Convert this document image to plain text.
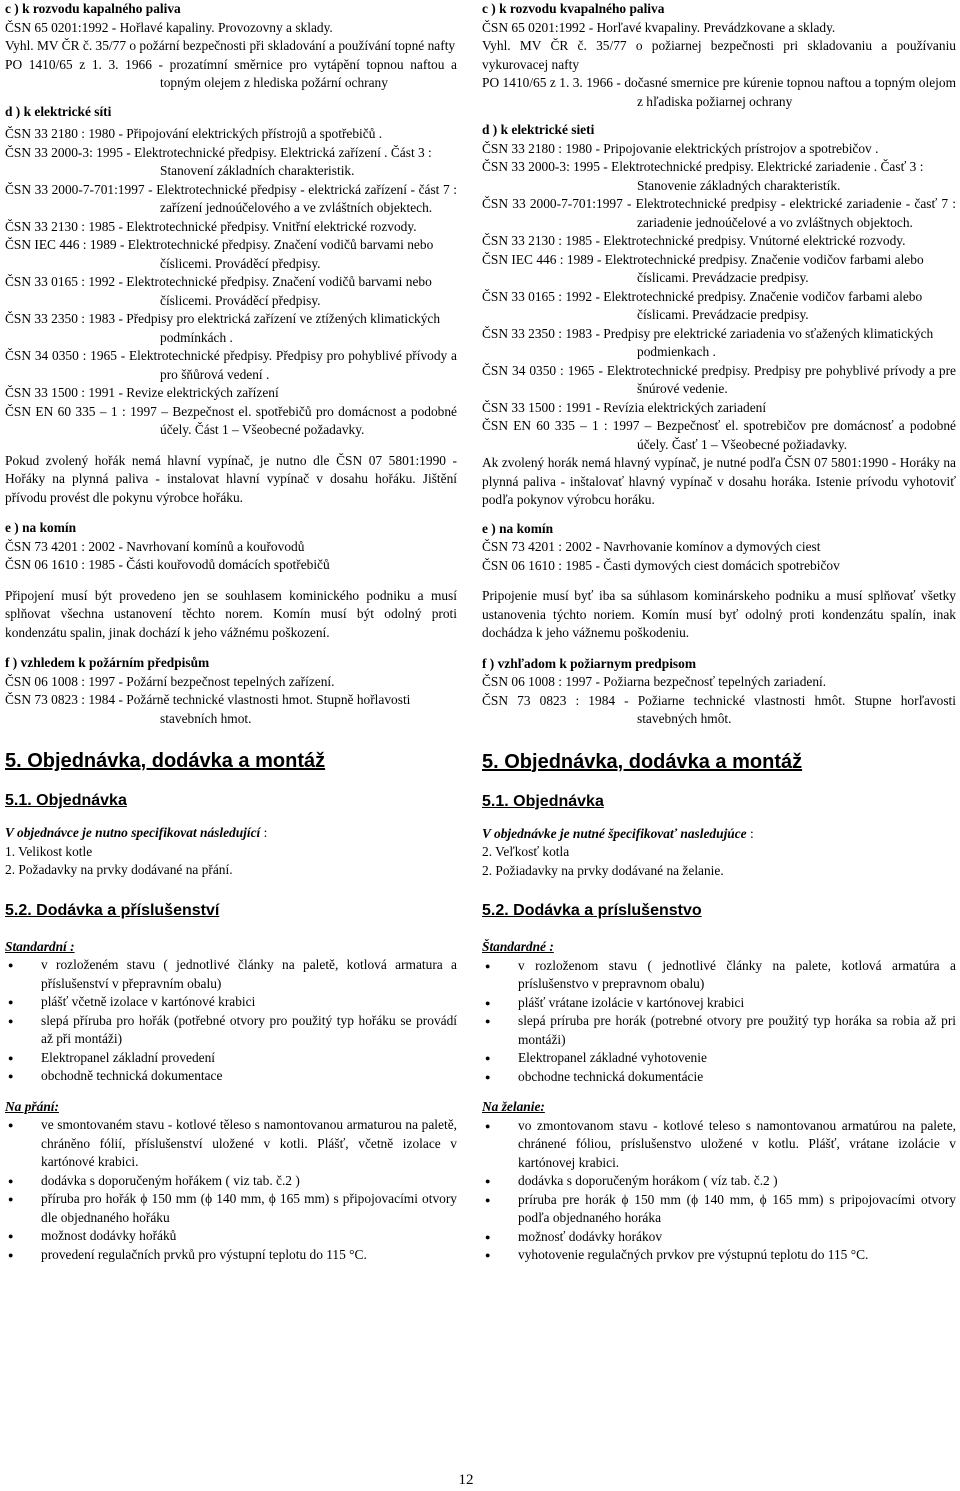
c ) k rozvodu kapalného paliva

ČSN 65 0201:1992 - Hořlavé kapaliny. Provozovny a sklady.

Vyhl. MV ČR č. 35/77 o požární bezpečnosti při skladování a používání topné nafty

PO 1410/65 z 1. 3. 1966 - prozatímní směrnice pro vytápění topnou naftou a topným olejem z hlediska požární ochrany

d ) k elektrické síti

ČSN 33 2180 : 1980 - Připojování elektrických přístrojů a spotřebičů .

ČSN 33 2000-3: 1995 - Elektrotechnické předpisy. Elektrická zařízení . Část 3 : Stanovení základních charakteristik.

ČSN 33 2000-7-701:1997 - Elektrotechnické předpisy - elektrická zařízení - část 7 : zařízení jednoúčelového a ve zvláštních objektech.

ČSN 33 2130 : 1985 - Elektrotechnické předpisy. Vnitřní elektrické rozvody.

ČSN IEC 446 : 1989 - Elektrotechnické předpisy. Značení vodičů barvami nebo číslicemi. Prováděcí předpisy.

ČSN 33 0165 : 1992 - Elektrotechnické předpisy. Značení vodičů barvami nebo číslicemi. Prováděcí předpisy.

ČSN 33 2350 : 1983 - Předpisy pro elektrická zařízení ve ztížených klimatických podmínkách .

ČSN 34 0350 : 1965 - Elektrotechnické předpisy. Předpisy pro pohyblivé přívody a pro šňůrová vedení .

ČSN 33 1500 : 1991 - Revize elektrických zařízení

ČSN EN 60 335 – 1 : 1997 – Bezpečnost el. spotřebičů pro domácnost a podobné účely. Část 1 – Všeobecné požadavky.

Pokud zvolený hořák nemá hlavní vypínač, je nutno dle ČSN 07 5801:1990 - Hořáky na plynná paliva - instalovat hlavní vypínač v dosahu hořáku. Jištění přívodu provést dle pokynu výrobce hořáku.

e ) na komín

ČSN 73 4201 : 2002 - Navrhovaní komínů a kouřovodů

ČSN 06 1610 : 1985 - Části kouřovodů domácích spotřebičů

Připojení musí být provedeno jen se souhlasem kominického podniku a musí splňovat všechna ustanovení těchto norem. Komín musí být odolný proti kondenzátu spalin, jinak dochází k jeho vážnému poškození.

f ) vzhledem k požárním předpisům

ČSN 06 1008 : 1997 - Požární bezpečnost tepelných zařízení.

ČSN 73 0823 : 1984 - Požárně technické vlastnosti hmot. Stupně hořlavosti stavebních hmot.

5. Objednávka, dodávka a montáž

5.1. Objednávka

V objednávce je nutno specifikovat následující :

1. Velikost kotle

2. Požadavky na prvky dodávané na přání.

5.2. Dodávka a příslušenství

Standardní :

● v rozloženém stavu ( jednotlivé články na paletě, kotlová armatura a příslušenství v přepravním obalu)
● plášť včetně izolace v kartónové krabici
● slepá příruba pro hořák (potřebné otvory pro použitý typ hořáku se provádí až při montáži)
● Elektropanel základní provedení
● obchodně technická dokumentace

Na přání:

● ve smontovaném stavu - kotlové těleso s namontovanou armaturou na paletě, chráněno fólií, příslušenství uložené v kotli. Plášť, včetně izolace v kartónové krabici.
● dodávka s doporučeným hořákem ( viz tab. č.2 )
● příruba pro hořák ϕ 150 mm (ϕ 140 mm, ϕ 165 mm) s připojovacími otvory dle objednaného hořáku
● možnost dodávky hořáků
● provedení regulačních prvků pro výstupní teplotu do 115 °C.

c ) k rozvodu kvapalného paliva

ČSN 65 0201:1992 - Horľavé kvapaliny. Prevádzkovane a sklady.

Vyhl. MV ČR č. 35/77 o požiarnej bezpečnosti pri skladovaniu a používaniu vykurovacej nafty

PO 1410/65 z 1. 3. 1966 - dočasné smernice pre kúrenie topnou naftou a topným olejom z hľadiska požiarnej ochrany

d ) k elektrické sieti

ČSN 33 2180 : 1980 - Pripojovanie elektrických prístrojov a spotrebičov .

ČSN 33 2000-3: 1995 - Elektrotechnické predpisy. Elektrické zariadenie . Časť 3 : Stanovenie základných charakteristík.

ČSN 33 2000-7-701:1997 - Elektrotechnické predpisy - elektrické zariadenie - časť 7 : zariadenie jednoúčelové a vo zvláštnych objektoch.

ČSN 33 2130 : 1985 - Elektrotechnické predpisy. Vnútorné elektrické rozvody.

ČSN IEC 446 : 1989 - Elektrotechnické predpisy. Značenie vodičov farbami alebo číslicami. Prevádzacie predpisy.

ČSN 33 0165 : 1992 - Elektrotechnické predpisy. Značenie vodičov farbami alebo číslicami. Prevádzacie predpisy.

ČSN 33 2350 : 1983 - Predpisy pre elektrické zariadenia vo sťažených klimatických podmienkach .

ČSN 34 0350 : 1965 - Elektrotechnické predpisy. Predpisy pre pohyblivé prívody a pre šnúrové vedenie.

ČSN 33 1500 : 1991 - Revízia elektrických zariadení

ČSN EN 60 335 – 1 : 1997 – Bezpečnosť el. spotrebičov pre domácnosť a podobné účely. Časť 1 – Všeobecné požiadavky.

Ak zvolený horák nemá hlavný vypínač, je nutné podľa ČSN 07 5801:1990 - Horáky na plynná paliva - inštalovať hlavný vypínač v dosahu horáka. Istenie prívodu vyhotoviť podľa pokynov výrobcu horáku.

e ) na komín

ČSN 73 4201 : 2002 - Navrhovanie komínov a dymových ciest

ČSN 06 1610 : 1985 - Časti dymových ciest domácich spotrebičov

Pripojenie musí byť iba sa súhlasom kominárskeho podniku a musí splňovať všetky ustanovenia týchto noriem. Komín musí byť odolný proti kondenzátu spalín, inak dochádza k jeho vážnemu poškodeniu.

f ) vzhľadom k požiarnym predpisom

ČSN 06 1008 : 1997 - Požiarna bezpečnosť tepelných zariadení.

ČSN 73 0823 : 1984 - Požiarne technické vlastnosti hmôt. Stupne horľavosti stavebných hmôt.

5. Objednávka, dodávka a montáž

5.1. Objednávka

V objednávke je nutné špecifikovať nasledujúce :

2. Veľkosť kotla

2. Požiadavky na prvky dodávané na želanie.

5.2. Dodávka a príslušenstvo

Štandardné :

● v rozloženom stavu ( jednotlivé články na palete, kotlová armatúra a príslušenstvo v prepravnom obalu)
● plášť vrátane izolácie v kartónovej krabici
● slepá príruba pre horák (potrebné otvory pre použitý typ horáka sa robia až pri montáži)
● Elektropanel základné vyhotovenie
● obchodne technická dokumentácie

Na želanie:

● vo zmontovanom stavu - kotlové teleso s namontovanou armatúrou na palete, chránené fóliou, príslušenstvo uložené v kotlu. Plášť, vrátane izolácie v kartónovej krabici.
● dodávka s doporučeným horákom ( víz tab. č.2 )
● príruba pre horák ϕ 150 mm (ϕ 140 mm, ϕ 165 mm) s pripojovacími otvory podľa objednaného horáka
● možnosť dodávky horákov
● vyhotovenie regulačných prvkov pre výstupnú teplotu do 115 °C.
12
